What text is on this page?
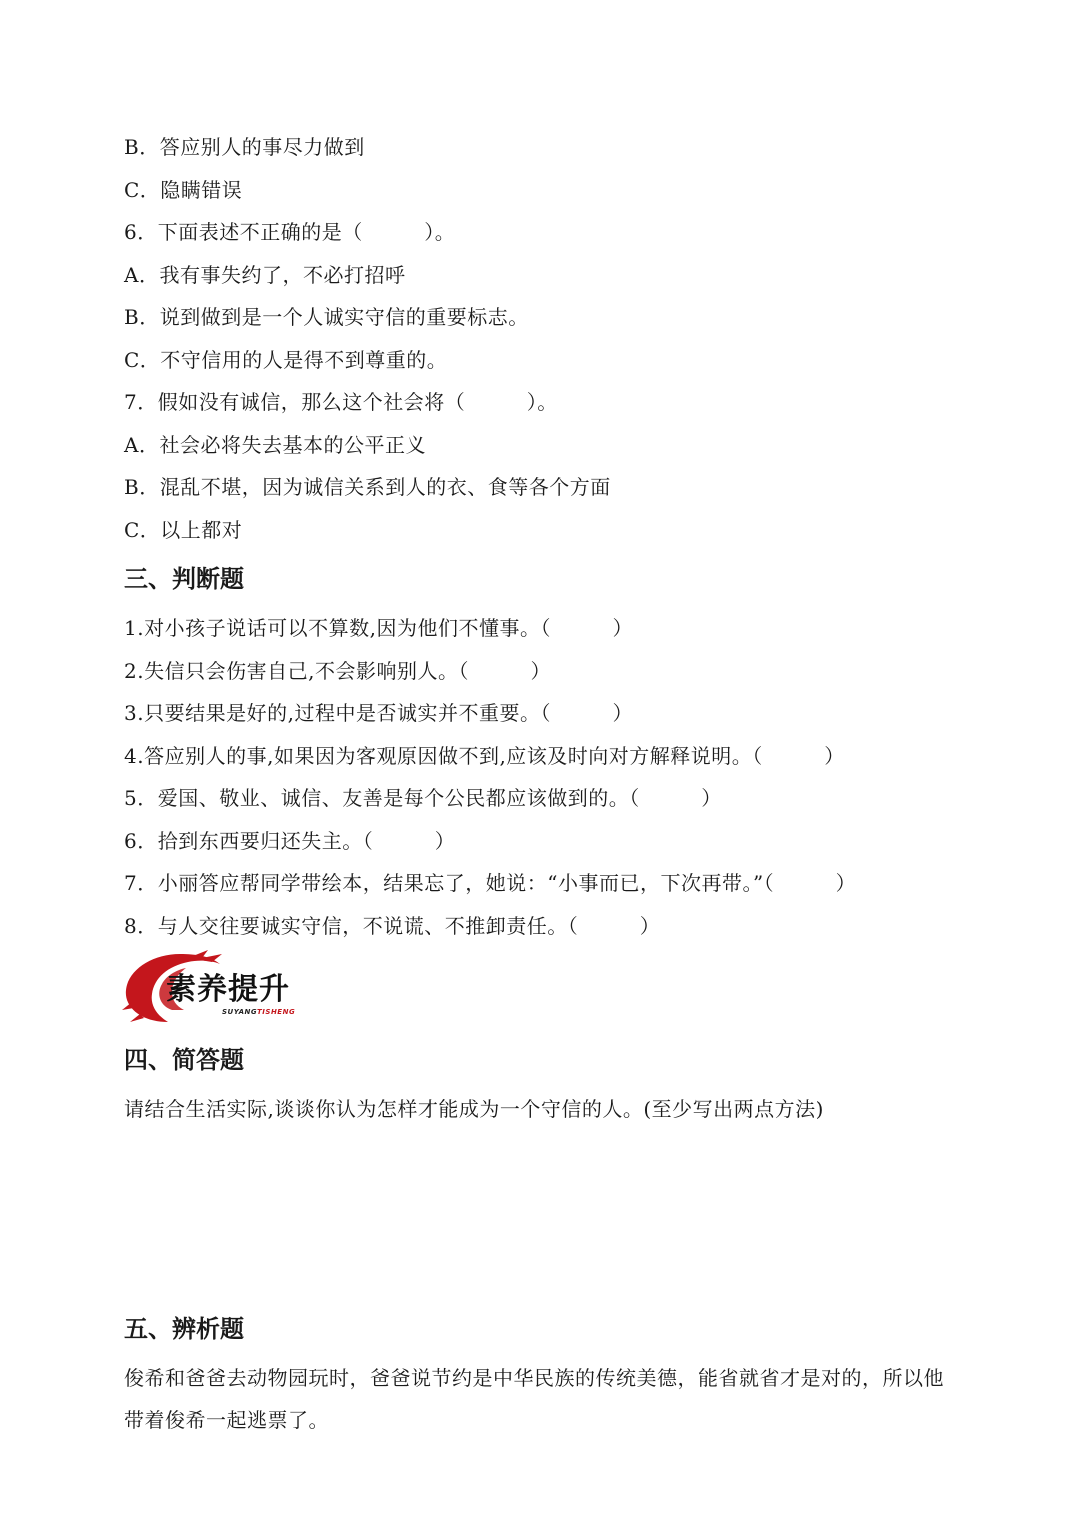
B．答应别人的事尽力做到
C．隐瞒错误
6．下面表述不正确的是（　　　）。
A．我有事失约了，不必打招呼
B．说到做到是一个人诚实守信的重要标志。
C．不守信用的人是得不到尊重的。
7．假如没有诚信，那么这个社会将（　　　）。
A．社会必将失去基本的公平正义
B．混乱不堪，因为诚信关系到人的衣、食等各个方面
C．以上都对
三、判断题
1.对小孩子说话可以不算数,因为他们不懂事。（　　　）
2.失信只会伤害自己,不会影响别人。（　　　）
3.只要结果是好的,过程中是否诚实并不重要。（　　　）
4.答应别人的事,如果因为客观原因做不到,应该及时向对方解释说明。（　　　）
5．爱国、敬业、诚信、友善是每个公民都应该做到的。（　　　）
6．拾到东西要归还失主。（　　　）
7．小丽答应帮同学带绘本，结果忘了，她说：“小事而已，下次再带。”（　　　）
8．与人交往要诚实守信，不说谎、不推卸责任。（　　　）
素养提升
SUYANGTISHENG
四、简答题
请结合生活实际,谈谈你认为怎样才能成为一个守信的人。(至少写出两点方法)
五、辨析题
俊希和爸爸去动物园玩时，爸爸说节约是中华民族的传统美德，能省就省才是对的，所以他带着俊希一起逃票了。
